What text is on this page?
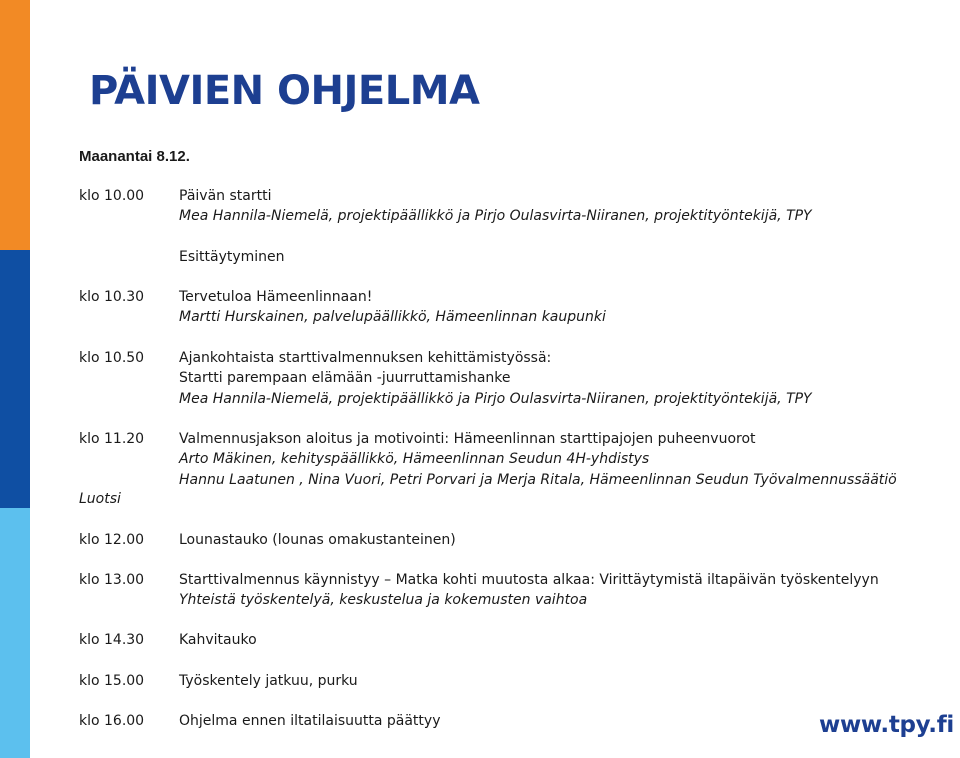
PÄIVIEN OHJELMA
Maanantai 8.12.
klo 10.00 Päivän startti
Mea Hannila-Niemelä, projektipäällikkö ja Pirjo Oulasvirta-Niiranen, projektityöntekijä, TPY
Esittäytyminen
klo 10.30 Tervetuloa Hämeenlinnaan!
Martti Hurskainen, palvelupäällikkö, Hämeenlinnan kaupunki
klo 10.50 Ajankohtaista starttivalmennuksen kehittämistyössä:
Startti parempaan elämään -juurruttamishanke
Mea Hannila-Niemelä, projektipäällikkö ja Pirjo Oulasvirta-Niiranen, projektityöntekijä, TPY
klo 11.20 Valmennusjakson aloitus ja motivointi: Hämeenlinnan starttipajojen puheenvuorot
Arto Mäkinen, kehityspäällikkö, Hämeenlinnan Seudun 4H-yhdistys
Hannu Laatunen , Nina Vuori, Petri Porvari ja Merja Ritala, Hämeenlinnan Seudun Työvalmennussäätiö
Luotsi
klo 12.00 Lounastauko (lounas omakustanteinen)
klo 13.00 Starttivalmennus käynnistyy – Matka kohti muutosta alkaa: Virittäytymistä iltapäivän työskentelyyn
Yhteistä työskentelyä, keskustelua ja kokemusten vaihtoa
klo 14.30 Kahvitauko
klo 15.00 Työskentely jatkuu, purku
klo 16.00 Ohjelma ennen iltatilaisuutta päättyy	www.tpy.fi
